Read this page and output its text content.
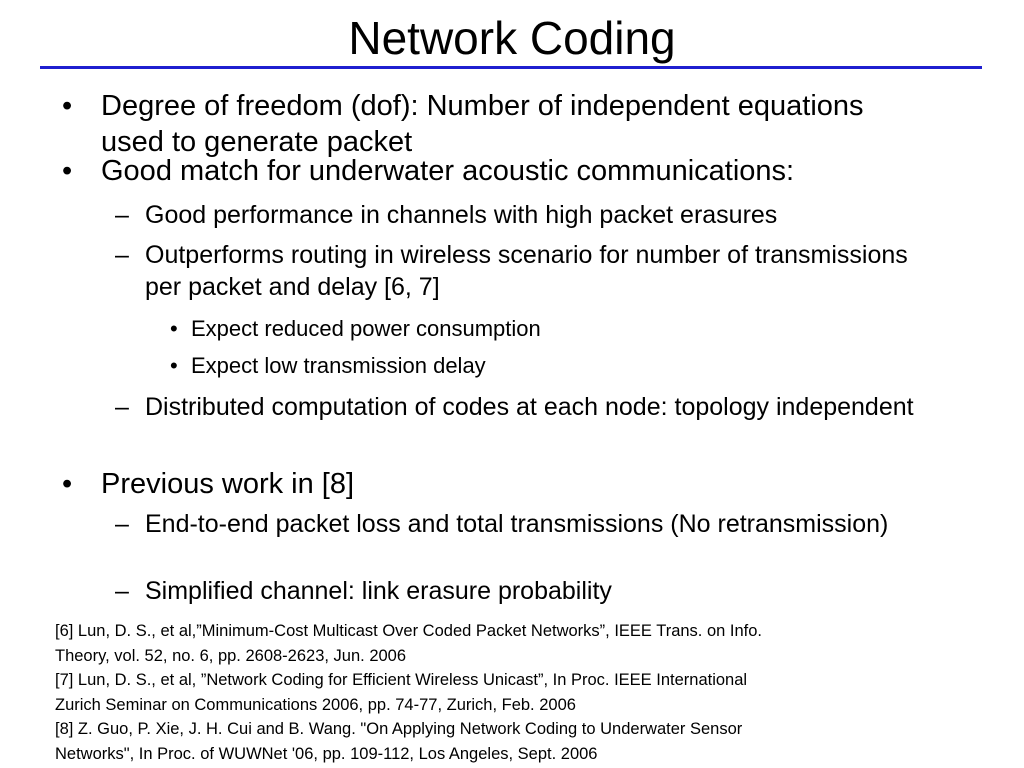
Network Coding
• Degree of freedom (dof): Number of independent equations used to generate packet
• Good match for underwater acoustic communications:
– Good performance in channels with high packet erasures
– Outperforms routing in wireless scenario for number of transmissions per packet and delay [6, 7]
• Expect reduced power consumption
• Expect low transmission delay
– Distributed computation of codes at each node: topology independent
• Previous work in [8]
– End-to-end packet loss and total transmissions (No retransmission)
– Simplified channel: link erasure probability
[6] Lun, D. S., et al,”Minimum-Cost Multicast Over Coded Packet Networks”, IEEE Trans. on Info.
Theory, vol. 52, no. 6, pp. 2608-2623, Jun. 2006
[7] Lun, D. S., et al, ”Network Coding for Efficient Wireless Unicast”, In Proc. IEEE International
Zurich Seminar on Communications 2006, pp. 74-77, Zurich, Feb. 2006
[8] Z. Guo, P. Xie, J. H. Cui and B. Wang. "On Applying Network Coding to Underwater Sensor
Networks", In Proc. of WUWNet '06, pp. 109-112, Los Angeles, Sept. 2006
